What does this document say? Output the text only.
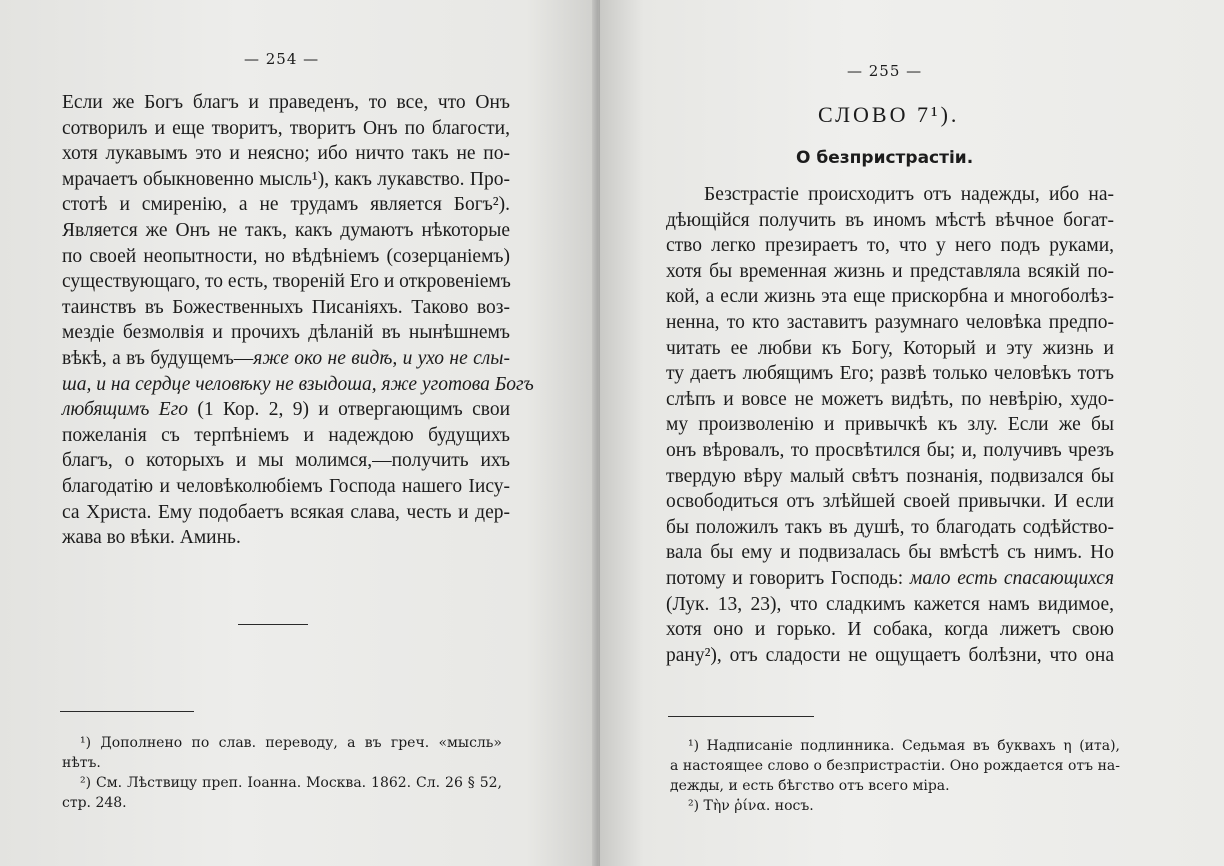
— 254 —
Если же Богъ благъ и праведенъ, то все, что Онъ
сотворилъ и еще творитъ, творитъ Онъ по благости,
хотя лукавымъ это и неясно; ибо ничто такъ не по-
мрачаетъ обыкновенно мысль¹), какъ лукавство. Про-
стотѣ и смиренію, а не трудамъ является Богъ²).
Является же Онъ не такъ, какъ думаютъ нѣкоторые
по своей неопытности, но вѣдѣніемъ (созерцаніемъ)
существующаго, то есть, твореній Его и откровеніемъ
таинствъ въ Божественныхъ Писаніяхъ. Таково воз-
мездіе безмолвія и прочихъ дѣланій въ нынѣшнемъ
вѣкѣ, а въ будущемъ—яже око не видѣ, и ухо не слы-
ша, и на сердце человѣку не взыдоша, яже уготова Богъ
любящимъ Его (1 Кор. 2, 9) и отвергающимъ свои
пожеланія съ терпѣніемъ и надеждою будущихъ
благъ, о которыхъ и мы молимся,—получить ихъ
благодатію и человѣколюбіемъ Господа нашего Іису-
са Христа. Ему подобаетъ всякая слава, честь и дер-
жава во вѣки. Аминь.
¹) Дополнено по слав. переводу, а въ греч. «мысль»
нѣтъ.
²) См. Лѣствицу преп. Іоанна. Москва. 1862. Сл. 26 § 52,
стр. 248.
— 255 —
СЛОВО 7¹).
О безпристрастіи.
Безстрастіе происходитъ отъ надежды, ибо на-
дѣющійся получить въ иномъ мѣстѣ вѣчное богат-
ство легко презираетъ то, что у него подъ руками,
хотя бы временная жизнь и представляла всякій по-
кой, а если жизнь эта еще прискорбна и многоболѣз-
ненна, то кто заставитъ разумнаго человѣка предпо-
читать ее любви къ Богу, Который и эту жизнь и
ту даетъ любящимъ Его; развѣ только человѣкъ тотъ
слѣпъ и вовсе не можетъ видѣть, по невѣрію, худо-
му произволенію и привычкѣ къ злу. Если же бы
онъ вѣровалъ, то просвѣтился бы; и, получивъ чрезъ
твердую вѣру малый свѣтъ познанія, подвизался бы
освободиться отъ злѣйшей своей привычки. И если
бы положилъ такъ въ душѣ, то благодать содѣйство-
вала бы ему и подвизалась бы вмѣстѣ съ нимъ. Но
потому и говоритъ Господь: мало есть спасающихся
(Лук. 13, 23), что сладкимъ кажется намъ видимое,
хотя оно и горько. И собака, когда лижетъ свою
рану²), отъ сладости не ощущаетъ болѣзни, что она
¹) Надписаніе подлинника. Седьмая въ буквахъ η (ита),
а настоящее слово о безпристрастіи. Оно рождается отъ на-
дежды, и есть бѣгство отъ всего міра.
²) Τὴν ῥίνα. носъ.
